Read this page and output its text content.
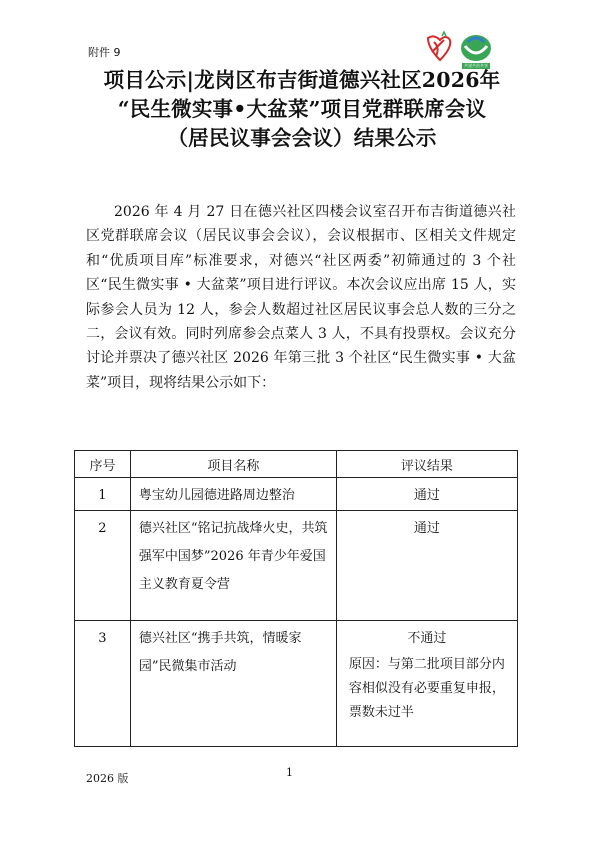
附件 9
共建共治共享
项目公示|龙岗区布吉街道德兴社区2026年
“民生微实事•大盆菜”项目党群联席会议
（居民议事会会议）结果公示

2026 年 4 月 27 日在德兴社区四楼会议室召开布吉街道德兴社区党群联席会议（居民议事会会议），会议根据市、区相关文件规定和“优质项目库”标准要求，对德兴“社区两委”初筛通过的 3 个社区“民生微实事 • 大盆菜”项目进行评议。本次会议应出席 15 人，实际参会人员为 12 人，参会人数超过社区居民议事会总人数的三分之二，会议有效。同时列席参会点菜人 3 人，不具有投票权。会议充分讨论并票决了德兴社区 2026 年第三批 3 个社区“民生微实事 • 大盆菜”项目，现将结果公示如下：

序号	项目名称	评议结果
1	粤宝幼儿园德进路周边整治	通过
2	德兴社区“铭记抗战烽火史，共筑强军中国梦”2026 年青少年爱国主义教育夏令营	通过
3	德兴社区“携手共筑，情暖家园”民微集市活动	不通过
原因：与第二批项目部分内容相似没有必要重复申报，票数未过半
2026 版	1
